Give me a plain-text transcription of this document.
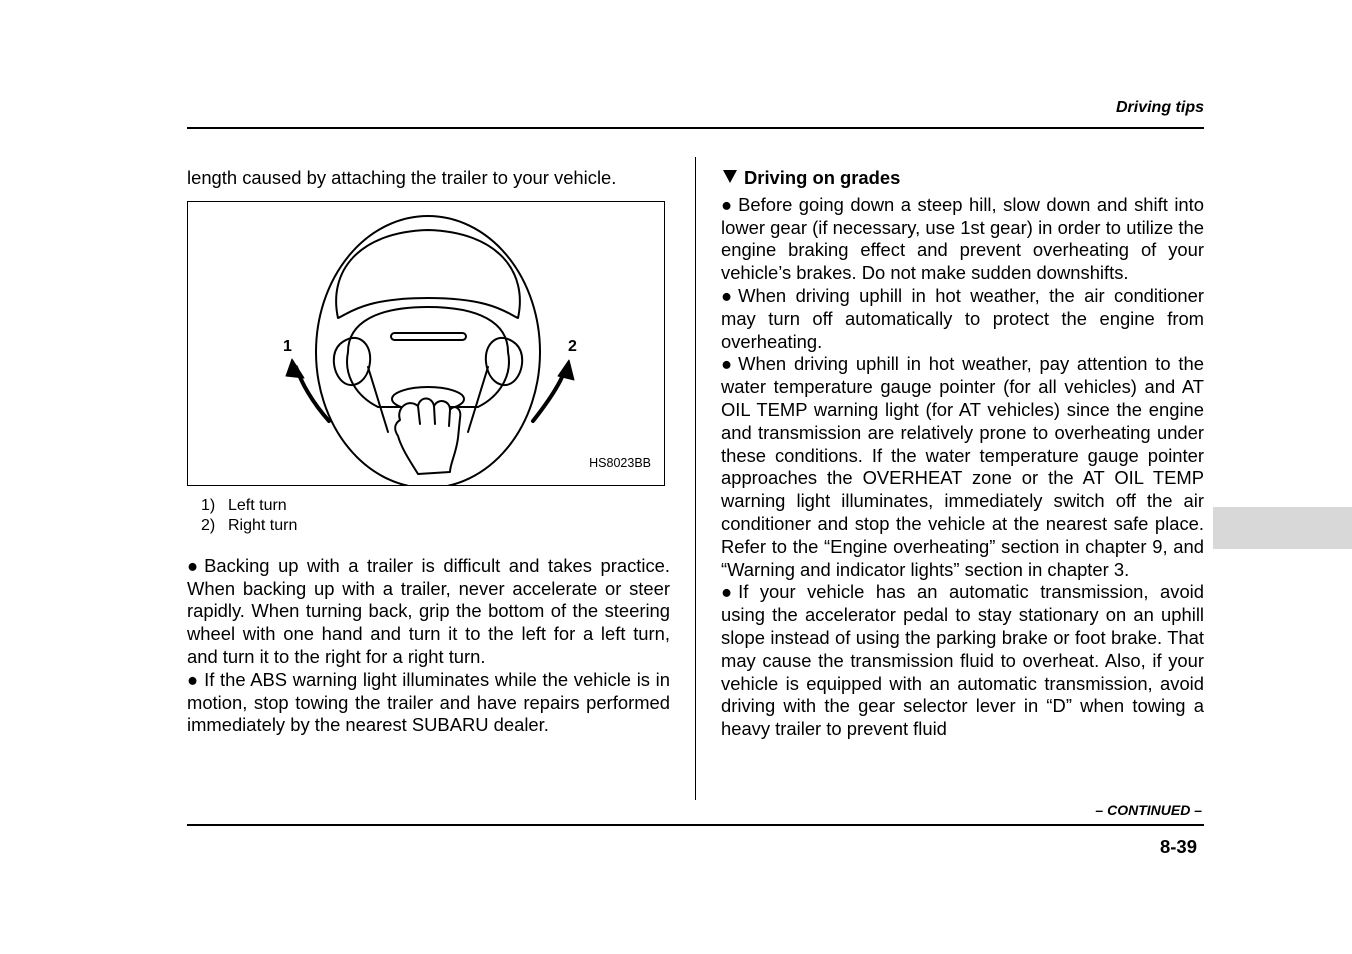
Driving tips

length caused by attaching the trailer to your vehicle.

1	2
HS8023BB
1) Left turn
2) Right turn

● Backing up with a trailer is difficult and takes practice. When backing up with a trailer, never accelerate or steer rapidly. When turning back, grip the bottom of the steering wheel with one hand and turn it to the left for a left turn, and turn it to the right for a right turn.

● If the ABS warning light illuminates while the vehicle is in motion, stop towing the trailer and have repairs performed immediately by the nearest SUBARU dealer.

Driving on grades

● Before going down a steep hill, slow down and shift into lower gear (if necessary, use 1st gear) in order to utilize the engine braking effect and prevent overheating of your vehicle’s brakes. Do not make sudden downshifts.

● When driving uphill in hot weather, the air conditioner may turn off automatically to protect the engine from overheating.

● When driving uphill in hot weather, pay attention to the water temperature gauge pointer (for all vehicles) and AT OIL TEMP warning light (for AT vehicles) since the engine and transmission are relatively prone to overheating under these conditions. If the water temperature gauge pointer approaches the OVERHEAT zone or the AT OIL TEMP warning light illuminates, immediately switch off the air conditioner and stop the vehicle at the nearest safe place. Refer to the “Engine overheating” section in chapter 9, and “Warning and indicator lights” section in chapter 3.

● If your vehicle has an automatic transmission, avoid using the accelerator pedal to stay stationary on an uphill slope instead of using the parking brake or foot brake. That may cause the transmission fluid to overheat. Also, if your vehicle is equipped with an automatic transmission, avoid driving with the gear selector lever in “D” when towing a heavy trailer to prevent fluid

– CONTINUED –
8-39
